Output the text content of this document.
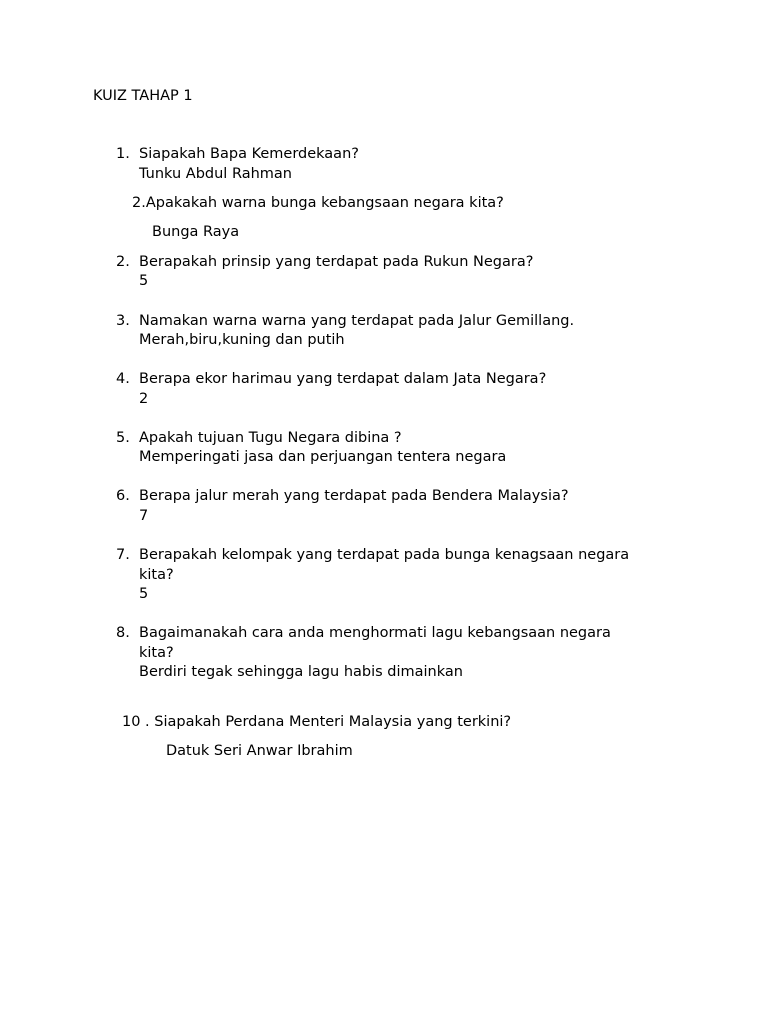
KUIZ TAHAP 1
1. Siapakah Bapa Kemerdekaan?
Tunku Abdul Rahman
2.Apakakah warna bunga kebangsaan negara kita?
Bunga Raya
2. Berapakah prinsip yang terdapat pada Rukun Negara?
5
3. Namakan warna warna yang terdapat pada Jalur Gemillang.
Merah,biru,kuning dan putih
4. Berapa ekor harimau yang terdapat dalam Jata Negara?
2
5. Apakah tujuan Tugu Negara dibina ?
Memperingati jasa dan perjuangan tentera negara
6. Berapa jalur merah yang terdapat pada Bendera Malaysia?
7
7. Berapakah kelompak yang terdapat pada bunga kenagsaan negara
kita?
5
8. Bagaimanakah cara anda menghormati lagu kebangsaan negara
kita?
Berdiri tegak sehingga lagu habis dimainkan
10 . Siapakah Perdana Menteri Malaysia yang terkini?
Datuk Seri Anwar Ibrahim
